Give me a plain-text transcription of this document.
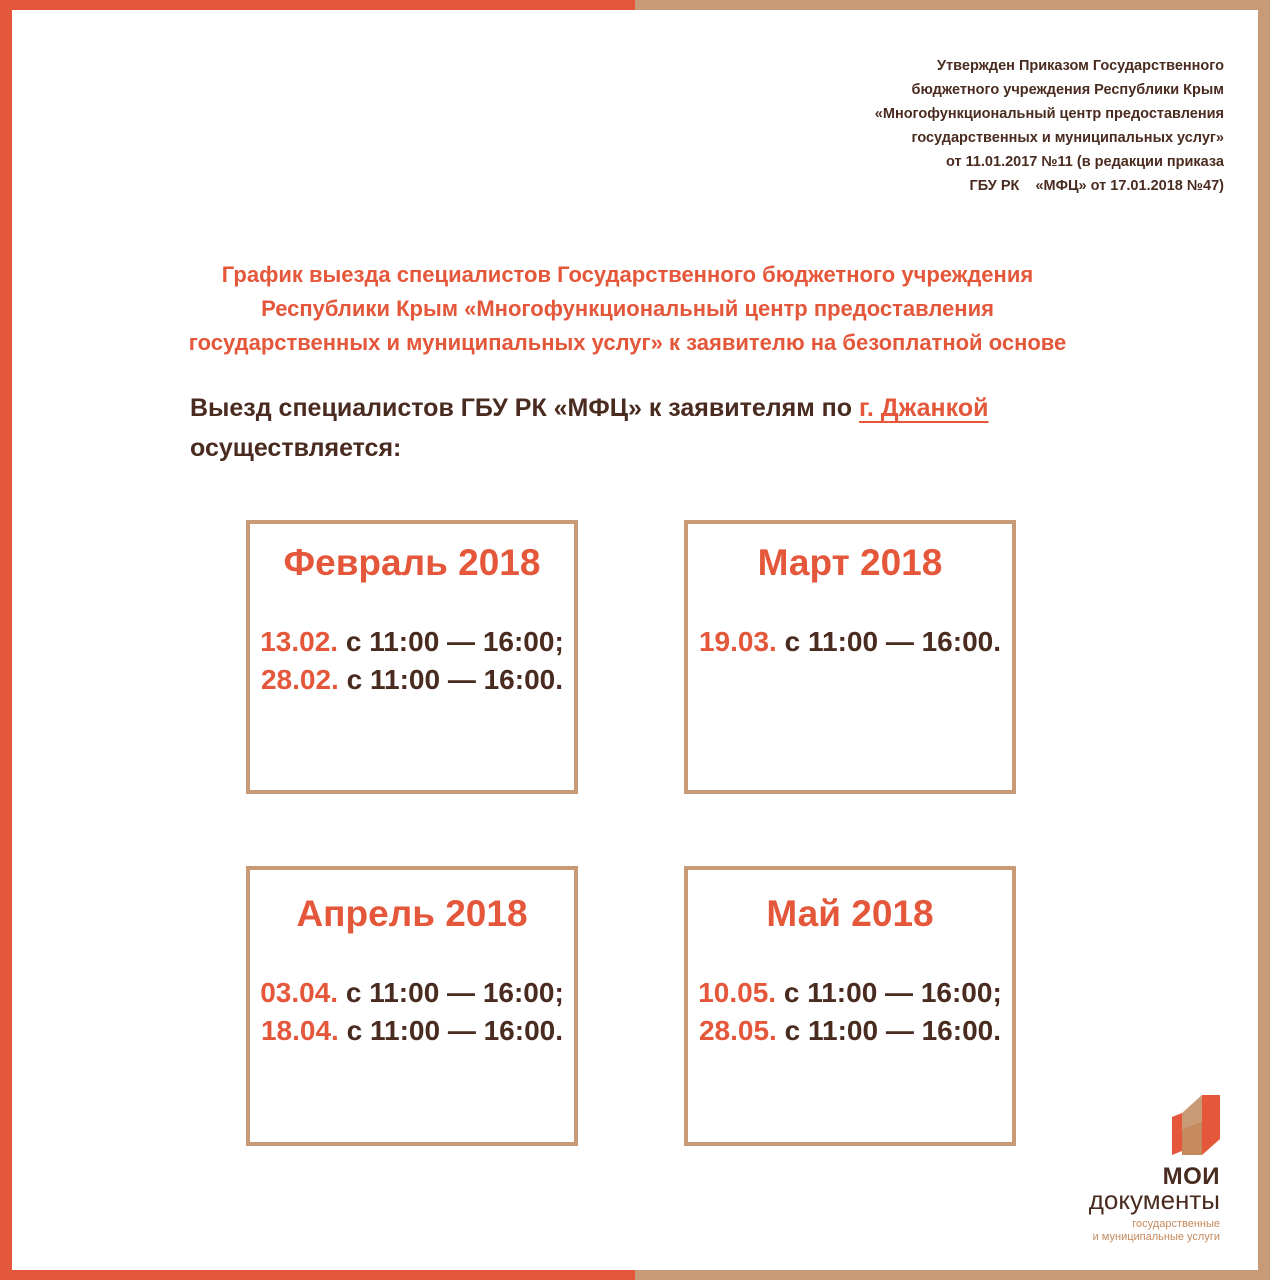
Утвержден Приказом Государственного
бюджетного учреждения Республики Крым
«Многофункциональный центр предоставления
государственных и муниципальных услуг»
от 11.01.2017 №11 (в редакции приказа
ГБУ РК    «МФЦ» от 17.01.2018 №47)
График выезда специалистов Государственного бюджетного учреждения
Республики Крым «Многофункциональный центр предоставления
государственных и муниципальных услуг» к заявителю на безоплатной основе
Выезд специалистов ГБУ РК «МФЦ» к заявителям по г. Джанкой
осуществляется:
Февраль 2018
13.02. с 11:00 — 16:00;
28.02. с 11:00 — 16:00.
Март 2018
19.03. с 11:00 — 16:00.
Апрель 2018
03.04. с 11:00 — 16:00;
18.04. с 11:00 — 16:00.
Май 2018
10.05. с 11:00 — 16:00;
28.05. с 11:00 — 16:00.
МОИ
документы
государственные
и муниципальные услуги
